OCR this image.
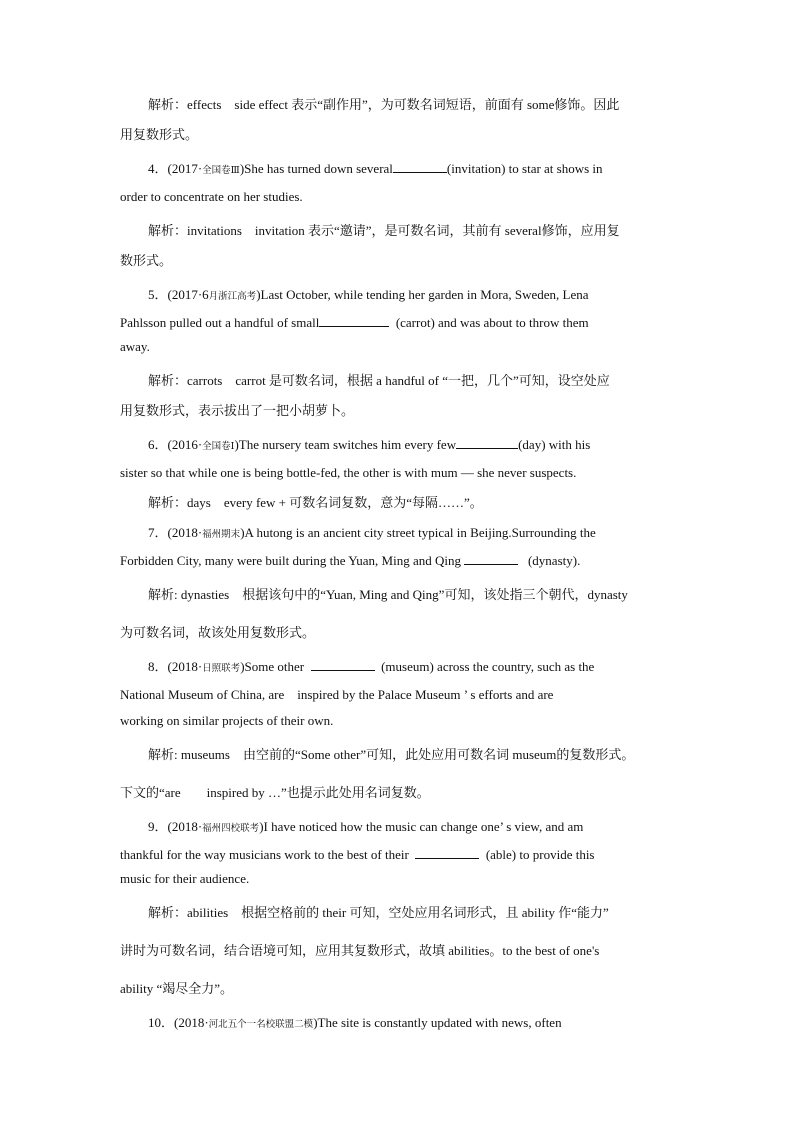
解析：effects　side effect 表示“副作用”，为可数名词短语，前面有 some修饰。因此

用复数形式。

4．(2017·全国卷Ⅲ)She has turned down several	(invitation) to star at shows in

order to concentrate on her studies.

解析：invitations　invitation 表示“邀请”，是可数名词，其前有 several修饰，应用复

数形式。

5．(2017·6月浙江高考)Last October, while tending her garden in Mora, Sweden, Lena

Pahlsson pulled out a handful of small	(carrot) and was about to throw them

away.

解析：carrots　carrot 是可数名词，根据 a handful of “一把，几个”可知，设空处应

用复数形式，表示拔出了一把小胡萝卜。

6．(2016·全国卷Ⅰ)The nursery team switches him every few	(day) with his

sister so that while one is being bottle-fed, the other is with mum — she never suspects.

解析：days　every few + 可数名词复数，意为“每隔……”。

7．(2018·福州期末)A hutong is an ancient city street typical in Beijing.Surrounding the

Forbidden City, many were built during the Yuan, Ming and Qing	(dynasty).

解析: dynasties　根据该句中的“Yuan, Ming and Qing”可知，该处指三个朝代，dynasty

为可数名词，故该处用复数形式。

8．(2018·日照联考)Some other	(museum) across the country, such as the

National Museum of China, are　inspired by the Palace Museum ’ s efforts and are

working on similar projects of their own.

解析: museums　由空前的“Some other”可知，此处应用可数名词 museum的复数形式。

下文的“are　　inspired by …”也提示此处用名词复数。

9．(2018·福州四校联考)I have noticed how the music can change one’ s view, and am

thankful for the way musicians work to the best of their	(able) to provide this

music for their audience.

解析：abilities　根据空格前的 their 可知，空处应用名词形式，且 ability 作“能力”

讲时为可数名词，结合语境可知，应用其复数形式，故填 abilities。to the best of one's

ability “竭尽全力”。

10．(2018·河北五个一名校联盟二模)The site is constantly updated with news, often
